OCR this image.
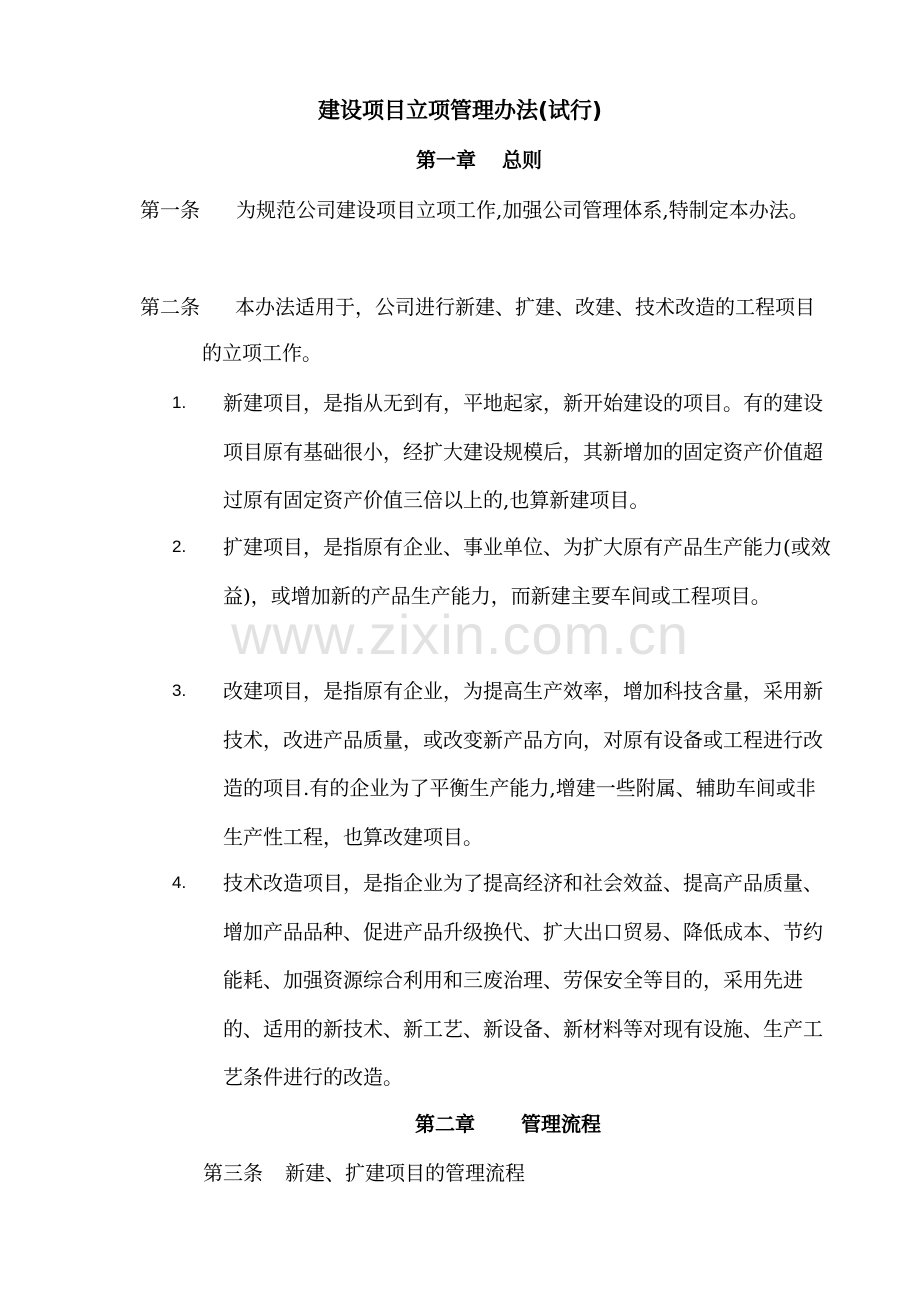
建设项目立项管理办法(试行)
第一章 总则
第一条	为规范公司建设项目立项工作,加强公司管理体系,特制定本办法。
第二条	本办法适用于，公司进行新建、扩建、改建、技术改造的工程项目的立项工作。
1.	新建项目，是指从无到有，平地起家，新开始建设的项目。有的建设项目原有基础很小，经扩大建设规模后，其新增加的固定资产价值超过原有固定资产价值三倍以上的,也算新建项目。
2.	扩建项目，是指原有企业、事业单位、为扩大原有产品生产能力(或效益)，或增加新的产品生产能力，而新建主要车间或工程项目。
3.	改建项目，是指原有企业，为提高生产效率，增加科技含量，采用新技术，改进产品质量，或改变新产品方向，对原有设备或工程进行改造的项目.有的企业为了平衡生产能力,增建一些附属、辅助车间或非生产性工程，也算改建项目。
4.	技术改造项目，是指企业为了提高经济和社会效益、提高产品质量、增加产品品种、促进产品升级换代、扩大出口贸易、降低成本、节约能耗、加强资源综合利用和三废治理、劳保安全等目的，采用先进的、适用的新技术、新工艺、新设备、新材料等对现有设施、生产工艺条件进行的改造。
第二章 管理流程
第三条 新建、扩建项目的管理流程
www.zixin.com.cn
